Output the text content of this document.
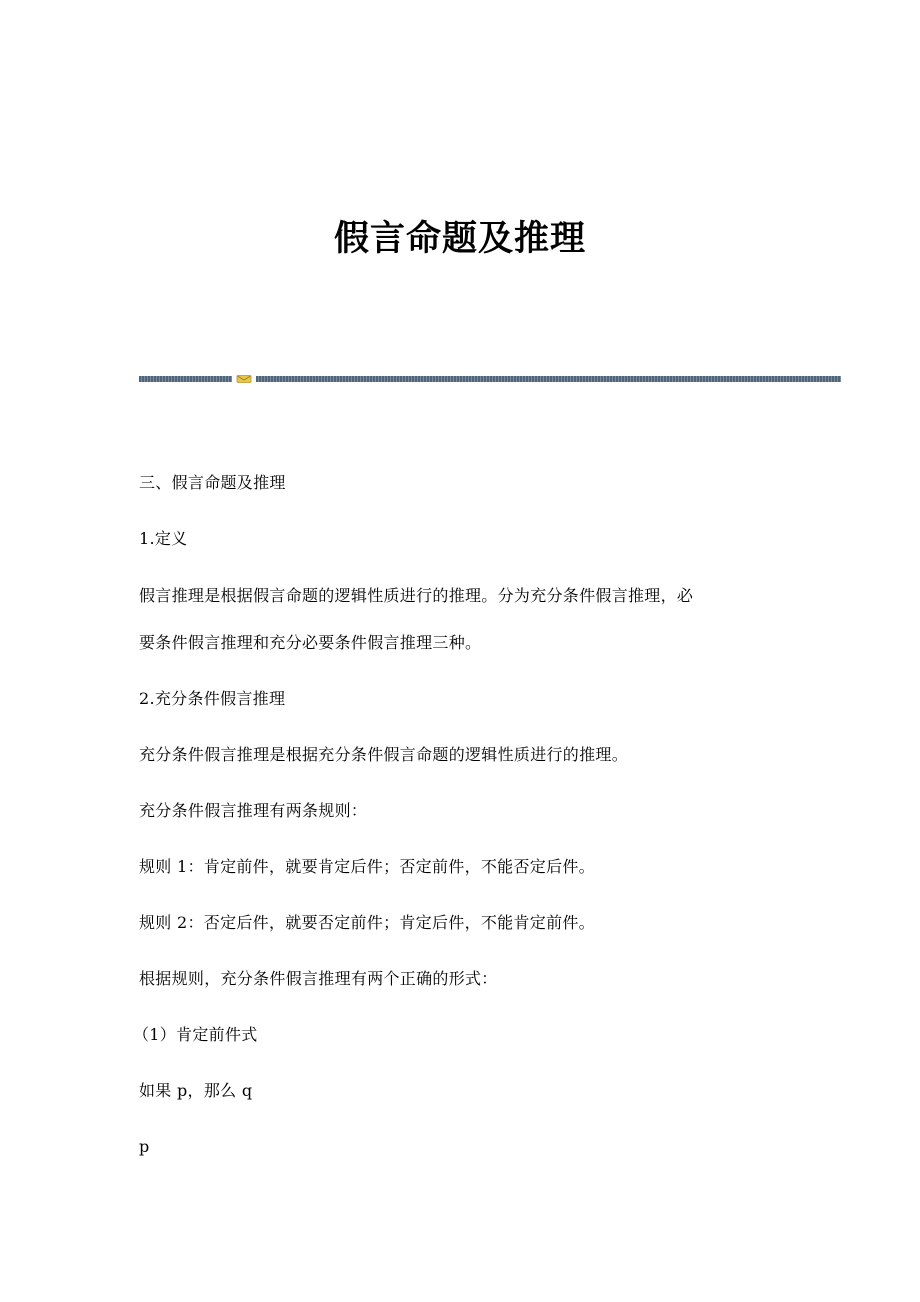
假言命题及推理

三、假言命题及推理

1.定义

假言推理是根据假言命题的逻辑性质进行的推理。分为充分条件假言推理，必

要条件假言推理和充分必要条件假言推理三种。

2.充分条件假言推理

充分条件假言推理是根据充分条件假言命题的逻辑性质进行的推理。

充分条件假言推理有两条规则：

规则 1：肯定前件，就要肯定后件；否定前件，不能否定后件。

规则 2：否定后件，就要否定前件；肯定后件，不能肯定前件。

根据规则，充分条件假言推理有两个正确的形式：

（1）肯定前件式

如果 p，那么 q

p
